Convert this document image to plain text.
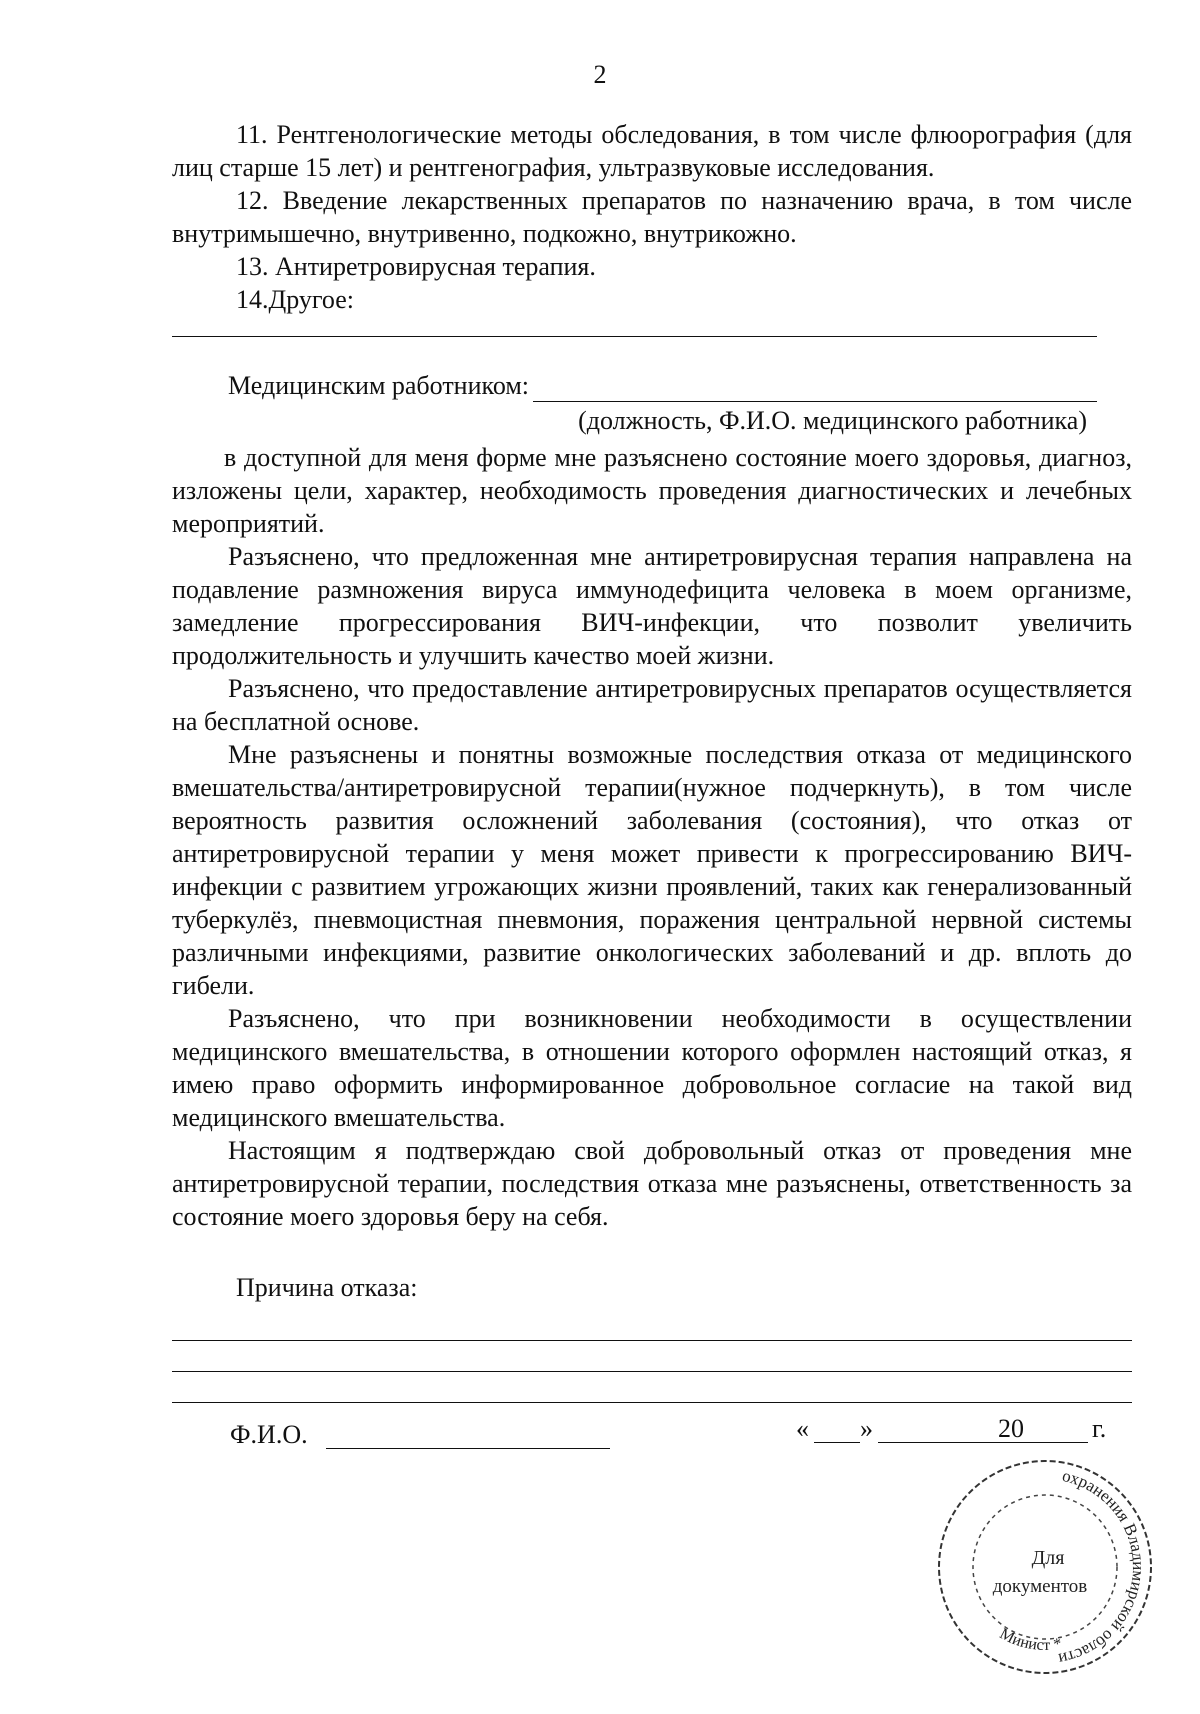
2

11. Рентгенологические методы обследования, в том числе флюорография (для лиц старше 15 лет) и рентгенография, ультразвуковые исследования.

12. Введение лекарственных препаратов по назначению врача, в том числе внутримышечно, внутривенно, подкожно, внутрикожно.

13. Антиретровирусная терапия.

14.Другое:

Медицинским работником:
(должность, Ф.И.О. медицинского работника)

в доступной для меня форме мне разъяснено состояние моего здоровья, диагноз, изложены цели, характер, необходимость проведения диагностических и лечебных мероприятий.

Разъяснено, что предложенная мне антиретровирусная терапия направлена на подавление размножения вируса иммунодефицита человека в моем организме, замедление прогрессирования ВИЧ-инфекции, что позволит увеличить продолжительность и улучшить качество моей жизни.

Разъяснено, что предоставление антиретровирусных препаратов осуществляется на бесплатной основе.

Мне разъяснены и понятны возможные последствия отказа от медицинского вмешательства/антиретровирусной терапии(нужное подчеркнуть), в том числе вероятность развития осложнений заболевания (состояния), что отказ от антиретровирусной терапии у меня может привести к прогрессированию ВИЧ-инфекции с развитием угрожающих жизни проявлений, таких как генерализованный туберкулёз, пневмоцистная пневмония, поражения центральной нервной системы различными инфекциями, развитие онкологических заболеваний и др. вплоть до гибели.

Разъяснено, что при возникновении необходимости в осуществлении медицинского вмешательства, в отношении которого оформлен настоящий отказ, я имею право оформить информированное добровольное согласие на такой вид медицинского вмешательства.

Настоящим я подтверждаю свой добровольный отказ от проведения мне антиретровирусной терапии, последствия отказа мне разъяснены, ответственность за состояние моего здоровья беру на себя.

Причина отказа:
Ф.И.О.	« »	20	г.
охранения Владимирской области
Минист *
Для
документов
